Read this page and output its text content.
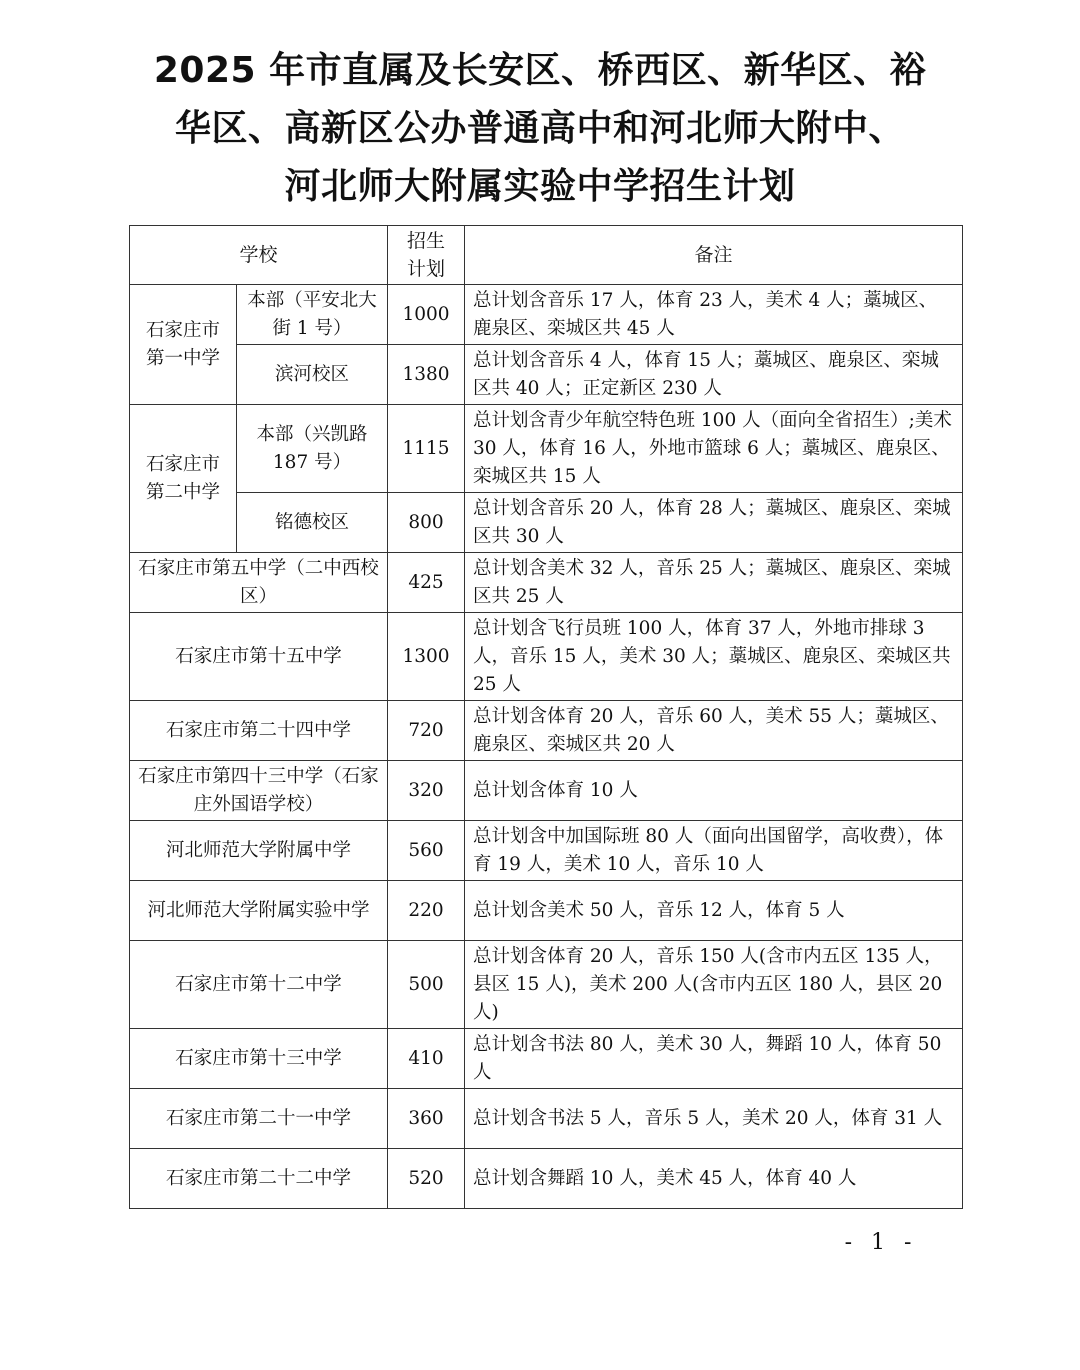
2025 年市直属及长安区、桥西区、新华区、裕
华区、高新区公办普通高中和河北师大附中、
河北师大附属实验中学招生计划
学校		招生计划	备注
石家庄市第一中学	本部（平安北大街 1 号）	1000	总计划含音乐 17 人，体育 23 人，美术 4 人；藁城区、鹿泉区、栾城区共 45 人
	滨河校区	1380	总计划含音乐 4 人，体育 15 人；藁城区、鹿泉区、栾城区共 40 人；正定新区 230 人
石家庄市第二中学	本部（兴凯路 187 号）	1115	总计划含青少年航空特色班 100 人（面向全省招生）;美术 30 人，体育 16 人，外地市篮球 6 人；藁城区、鹿泉区、栾城区共 15 人
	铭德校区	800	总计划含音乐 20 人，体育 28 人；藁城区、鹿泉区、栾城区共 30 人
石家庄市第五中学（二中西校区）		425	总计划含美术 32 人，音乐 25 人；藁城区、鹿泉区、栾城区共 25 人
石家庄市第十五中学		1300	总计划含飞行员班 100 人，体育 37 人，外地市排球 3 人，音乐 15 人，美术 30 人；藁城区、鹿泉区、栾城区共 25 人
石家庄市第二十四中学		720	总计划含体育 20 人，音乐 60 人，美术 55 人；藁城区、鹿泉区、栾城区共 20 人
石家庄市第四十三中学（石家庄外国语学校）		320	总计划含体育 10 人
河北师范大学附属中学		560	总计划含中加国际班 80 人（面向出国留学，高收费），体育 19 人，美术 10 人，音乐 10 人
河北师范大学附属实验中学		220	总计划含美术 50 人，音乐 12 人，体育 5 人
石家庄市第十二中学		500	总计划含体育 20 人，音乐 150 人(含市内五区 135 人，县区 15 人)，美术 200 人(含市内五区 180 人，县区 20 人)
石家庄市第十三中学		410	总计划含书法 80 人，美术 30 人，舞蹈 10 人，体育 50 人
石家庄市第二十一中学		360	总计划含书法 5 人，音乐 5 人，美术 20 人，体育 31 人
石家庄市第二十二中学		520	总计划含舞蹈 10 人，美术 45 人，体育 40 人
- 1 -
